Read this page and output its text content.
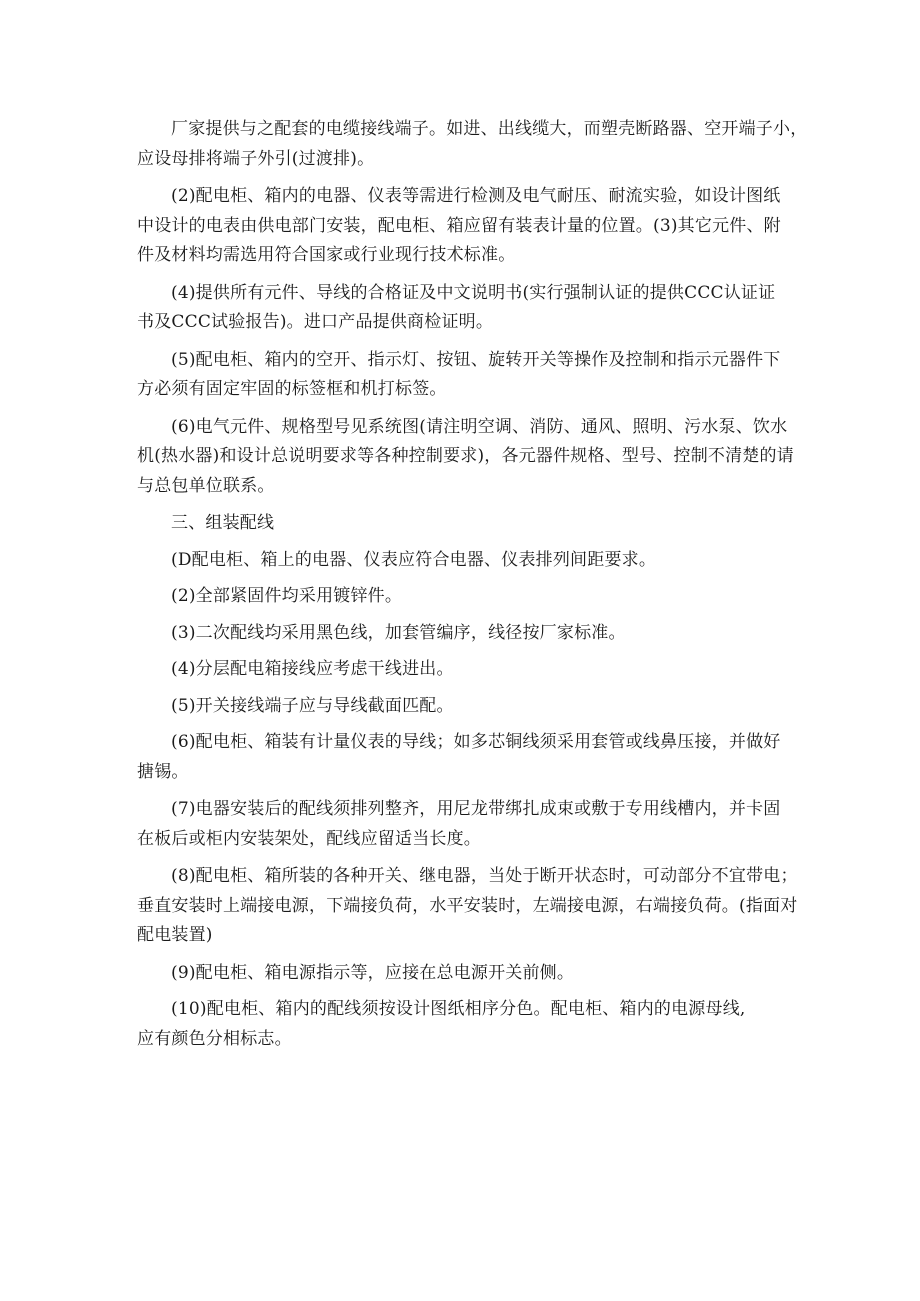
厂家提供与之配套的电缆接线端子。如进、出线缆大，而塑壳断路器、空开端子小，
应设母排将端子外引(过渡排)。

(2)配电柜、箱内的电器、仪表等需进行检测及电气耐压、耐流实验，如设计图纸
中设计的电表由供电部门安装，配电柜、箱应留有装表计量的位置。(3)其它元件、附
件及材料均需选用符合国家或行业现行技术标准。

(4)提供所有元件、导线的合格证及中文说明书(实行强制认证的提供CCC认证证
书及CCC试验报告)。进口产品提供商检证明。

(5)配电柜、箱内的空开、指示灯、按钮、旋转开关等操作及控制和指示元器件下
方必须有固定牢固的标签框和机打标签。

(6)电气元件、规格型号见系统图(请注明空调、消防、通风、照明、污水泵、饮水
机(热水器)和设计总说明要求等各种控制要求)，各元器件规格、型号、控制不清楚的请
与总包单位联系。

三、组装配线

(D配电柜、箱上的电器、仪表应符合电器、仪表排列间距要求。

(2)全部紧固件均采用镀锌件。

(3)二次配线均采用黑色线，加套管编序，线径按厂家标准。

(4)分层配电箱接线应考虑干线进出。

(5)开关接线端子应与导线截面匹配。

(6)配电柜、箱装有计量仪表的导线；如多芯铜线须采用套管或线鼻压接，并做好
搪锡。

(7)电器安装后的配线须排列整齐，用尼龙带绑扎成束或敷于专用线槽内，并卡固
在板后或柜内安装架处，配线应留适当长度。

(8)配电柜、箱所装的各种开关、继电器，当处于断开状态时，可动部分不宜带电；
垂直安装时上端接电源，下端接负荷，水平安装时，左端接电源，右端接负荷。(指面对
配电装置)

(9)配电柜、箱电源指示等，应接在总电源开关前侧。

(10)配电柜、箱内的配线须按设计图纸相序分色。配电柜、箱内的电源母线,
应有颜色分相标志。
